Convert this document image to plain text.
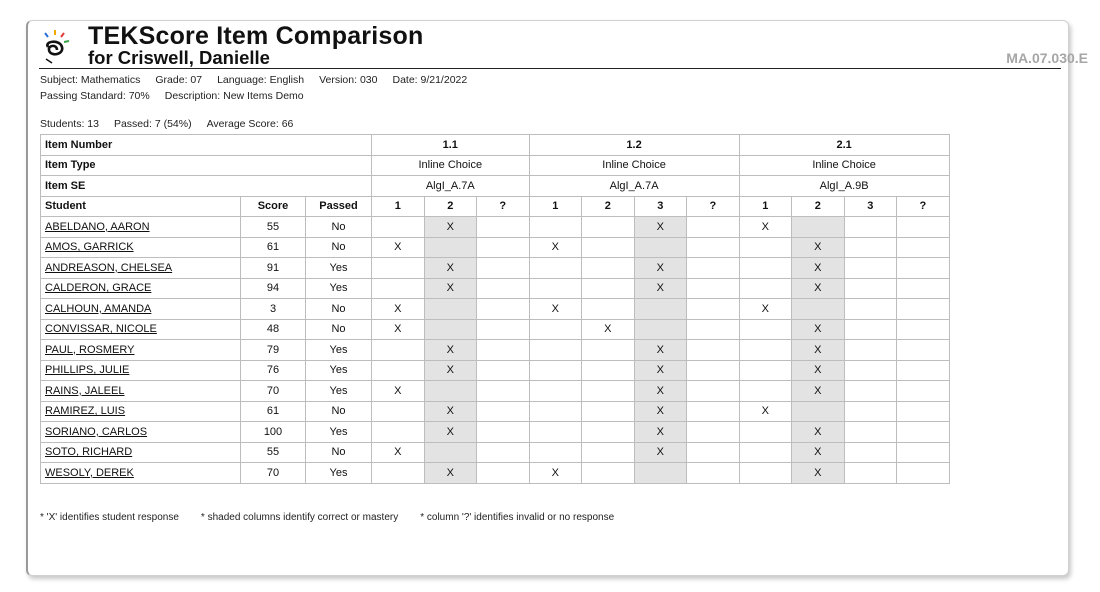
TEKScore Item Comparison
for Criswell, Danielle	MA.07.030.E
Subject: Mathematics Grade: 07 Language: English Version: 030 Date: 9/21/2022
Passing Standard: 70% Description: New Items Demo
Students: 13 Passed: 7 (54%) Average Score: 66
Item Number			1.1			1.2				2.1			
Item Type			Inline Choice			Inline Choice				Inline Choice			
Item SE			AlgI_A.7A			AlgI_A.7A				AlgI_A.9B			
Student	Score	Passed	1	2	?	1	2	3	?	1	2	3	?
ABELDANO, AARON	55	No		X				X		X			
AMOS, GARRICK	61	No	X			X					X		
ANDREASON, CHELSEA	91	Yes		X				X			X		
CALDERON, GRACE	94	Yes		X				X			X		
CALHOUN, AMANDA	3	No	X			X				X			
CONVISSAR, NICOLE	48	No	X				X				X		
PAUL, ROSMERY	79	Yes		X				X			X		
PHILLIPS, JULIE	76	Yes		X				X			X		
RAINS, JALEEL	70	Yes	X					X			X		
RAMIREZ, LUIS	61	No		X				X		X			
SORIANO, CARLOS	100	Yes		X				X			X		
SOTO, RICHARD	55	No	X					X			X		
WESOLY, DEREK	70	Yes		X		X					X		
* 'X' identifies student response * shaded columns identify correct or mastery * column '?' identifies invalid or no response
